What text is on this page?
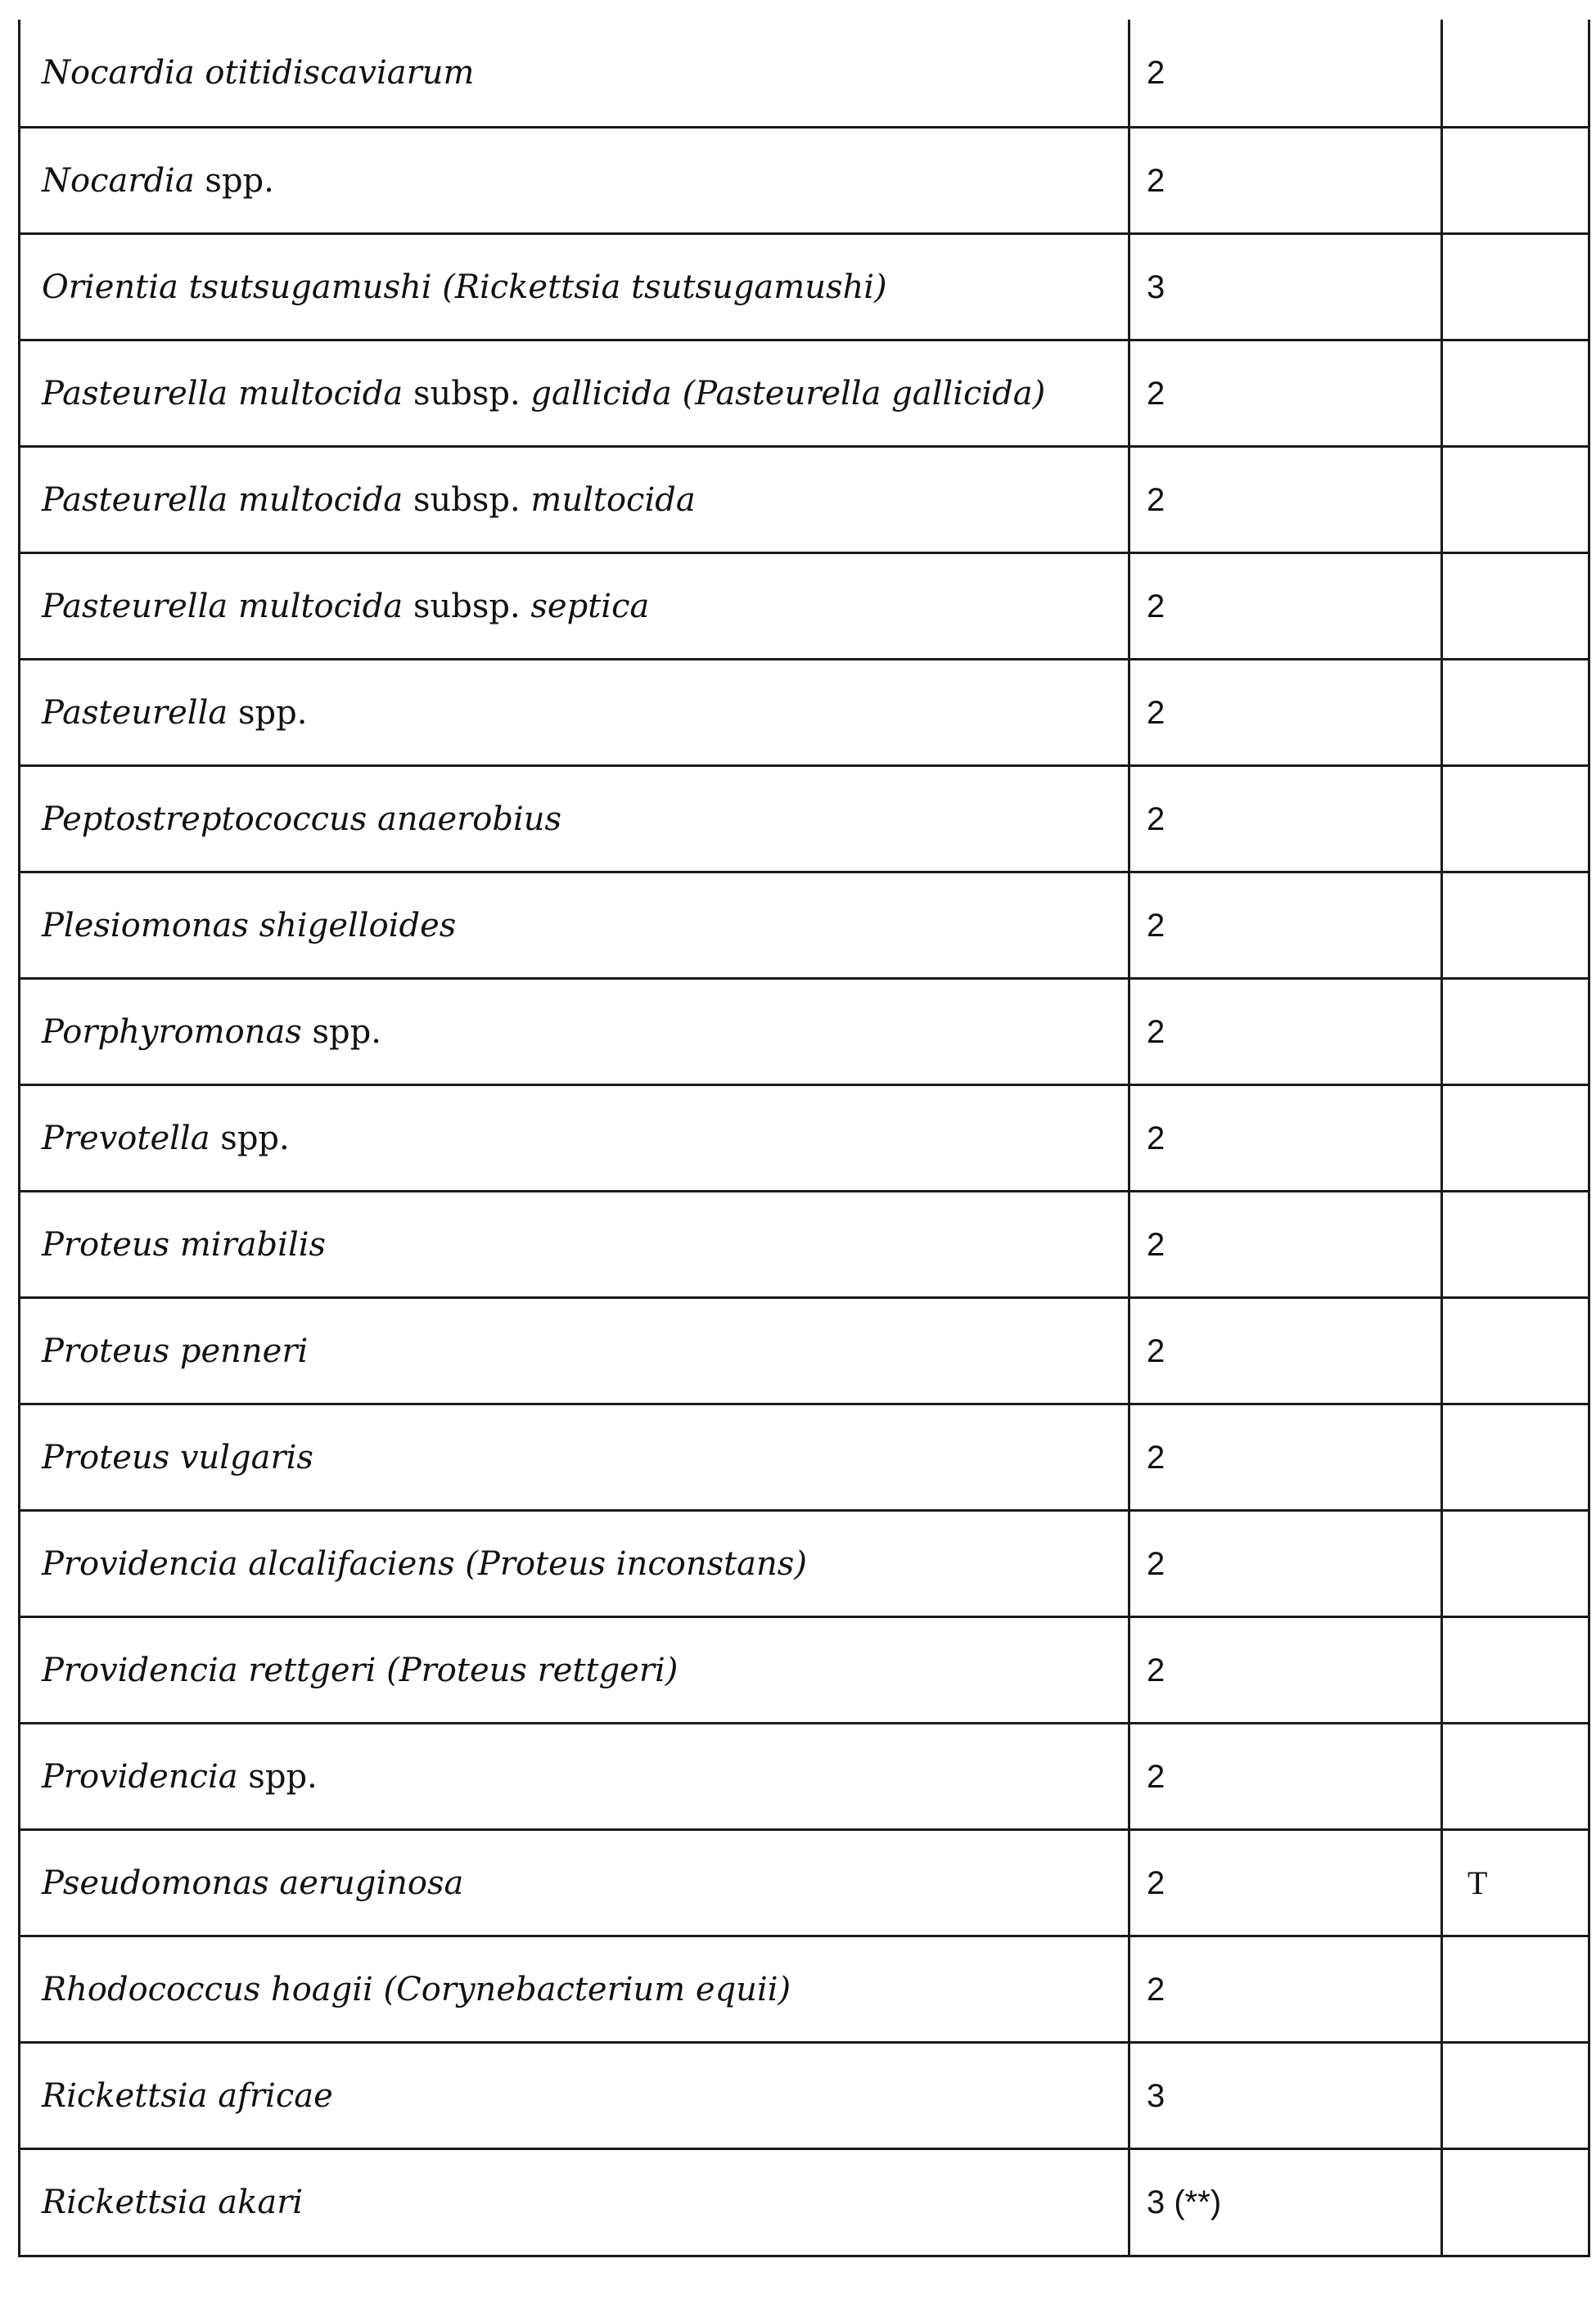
Nocardia otitidiscaviarum	2	
Nocardia spp.	2	
Orientia tsutsugamushi (Rickettsia tsutsugamushi)	3	
Pasteurella multocida subsp. gallicida (Pasteurella gallicida)	2	
Pasteurella multocida subsp. multocida	2	
Pasteurella multocida subsp. septica	2	
Pasteurella spp.	2	
Peptostreptococcus anaerobius	2	
Plesiomonas shigelloides	2	
Porphyromonas spp.	2	
Prevotella spp.	2	
Proteus mirabilis	2	
Proteus penneri	2	
Proteus vulgaris	2	
Providencia alcalifaciens (Proteus inconstans)	2	
Providencia rettgeri (Proteus rettgeri)	2	
Providencia spp.	2	
Pseudomonas aeruginosa	2	T
Rhodococcus hoagii (Corynebacterium equii)	2	
Rickettsia africae	3	
Rickettsia akari	3 (**)	
